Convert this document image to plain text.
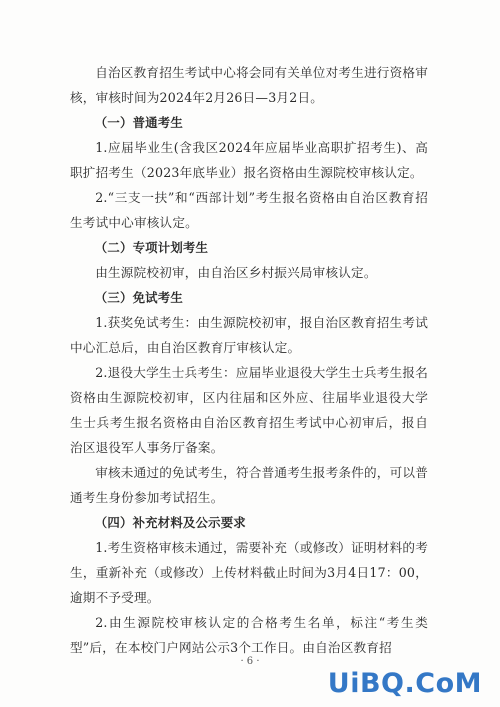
自治区教育招生考试中心将会同有关单位对考生进行资格审核，审核时间为2024年2月26日—3月2日。

（一）普通考生

1.应届毕业生(含我区2024年应届毕业高职扩招考生)、高职扩招考生（2023年底毕业）报名资格由生源院校审核认定。

2.“三支一扶”和“西部计划”考生报名资格由自治区教育招生考试中心审核认定。

（二）专项计划考生

由生源院校初审，由自治区乡村振兴局审核认定。

（三）免试考生

1.获奖免试考生：由生源院校初审，报自治区教育招生考试中心汇总后，由自治区教育厅审核认定。

2.退役大学生士兵考生：应届毕业退役大学生士兵考生报名资格由生源院校初审，区内往届和区外应、往届毕业退役大学生士兵考生报名资格由自治区教育招生考试中心初审后，报自治区退役军人事务厅备案。

审核未通过的免试考生，符合普通考生报考条件的，可以普通考生身份参加考试招生。

（四）补充材料及公示要求

1.考生资格审核未通过，需要补充（或修改）证明材料的考生，重新补充（或修改）上传材料截止时间为3月4日17：00，逾期不予受理。

2.由生源院校审核认定的合格考生名单，标注“考生类型”后，在本校门户网站公示3个工作日。由自治区教育招

· 6 ·
UiBQ.CoM
